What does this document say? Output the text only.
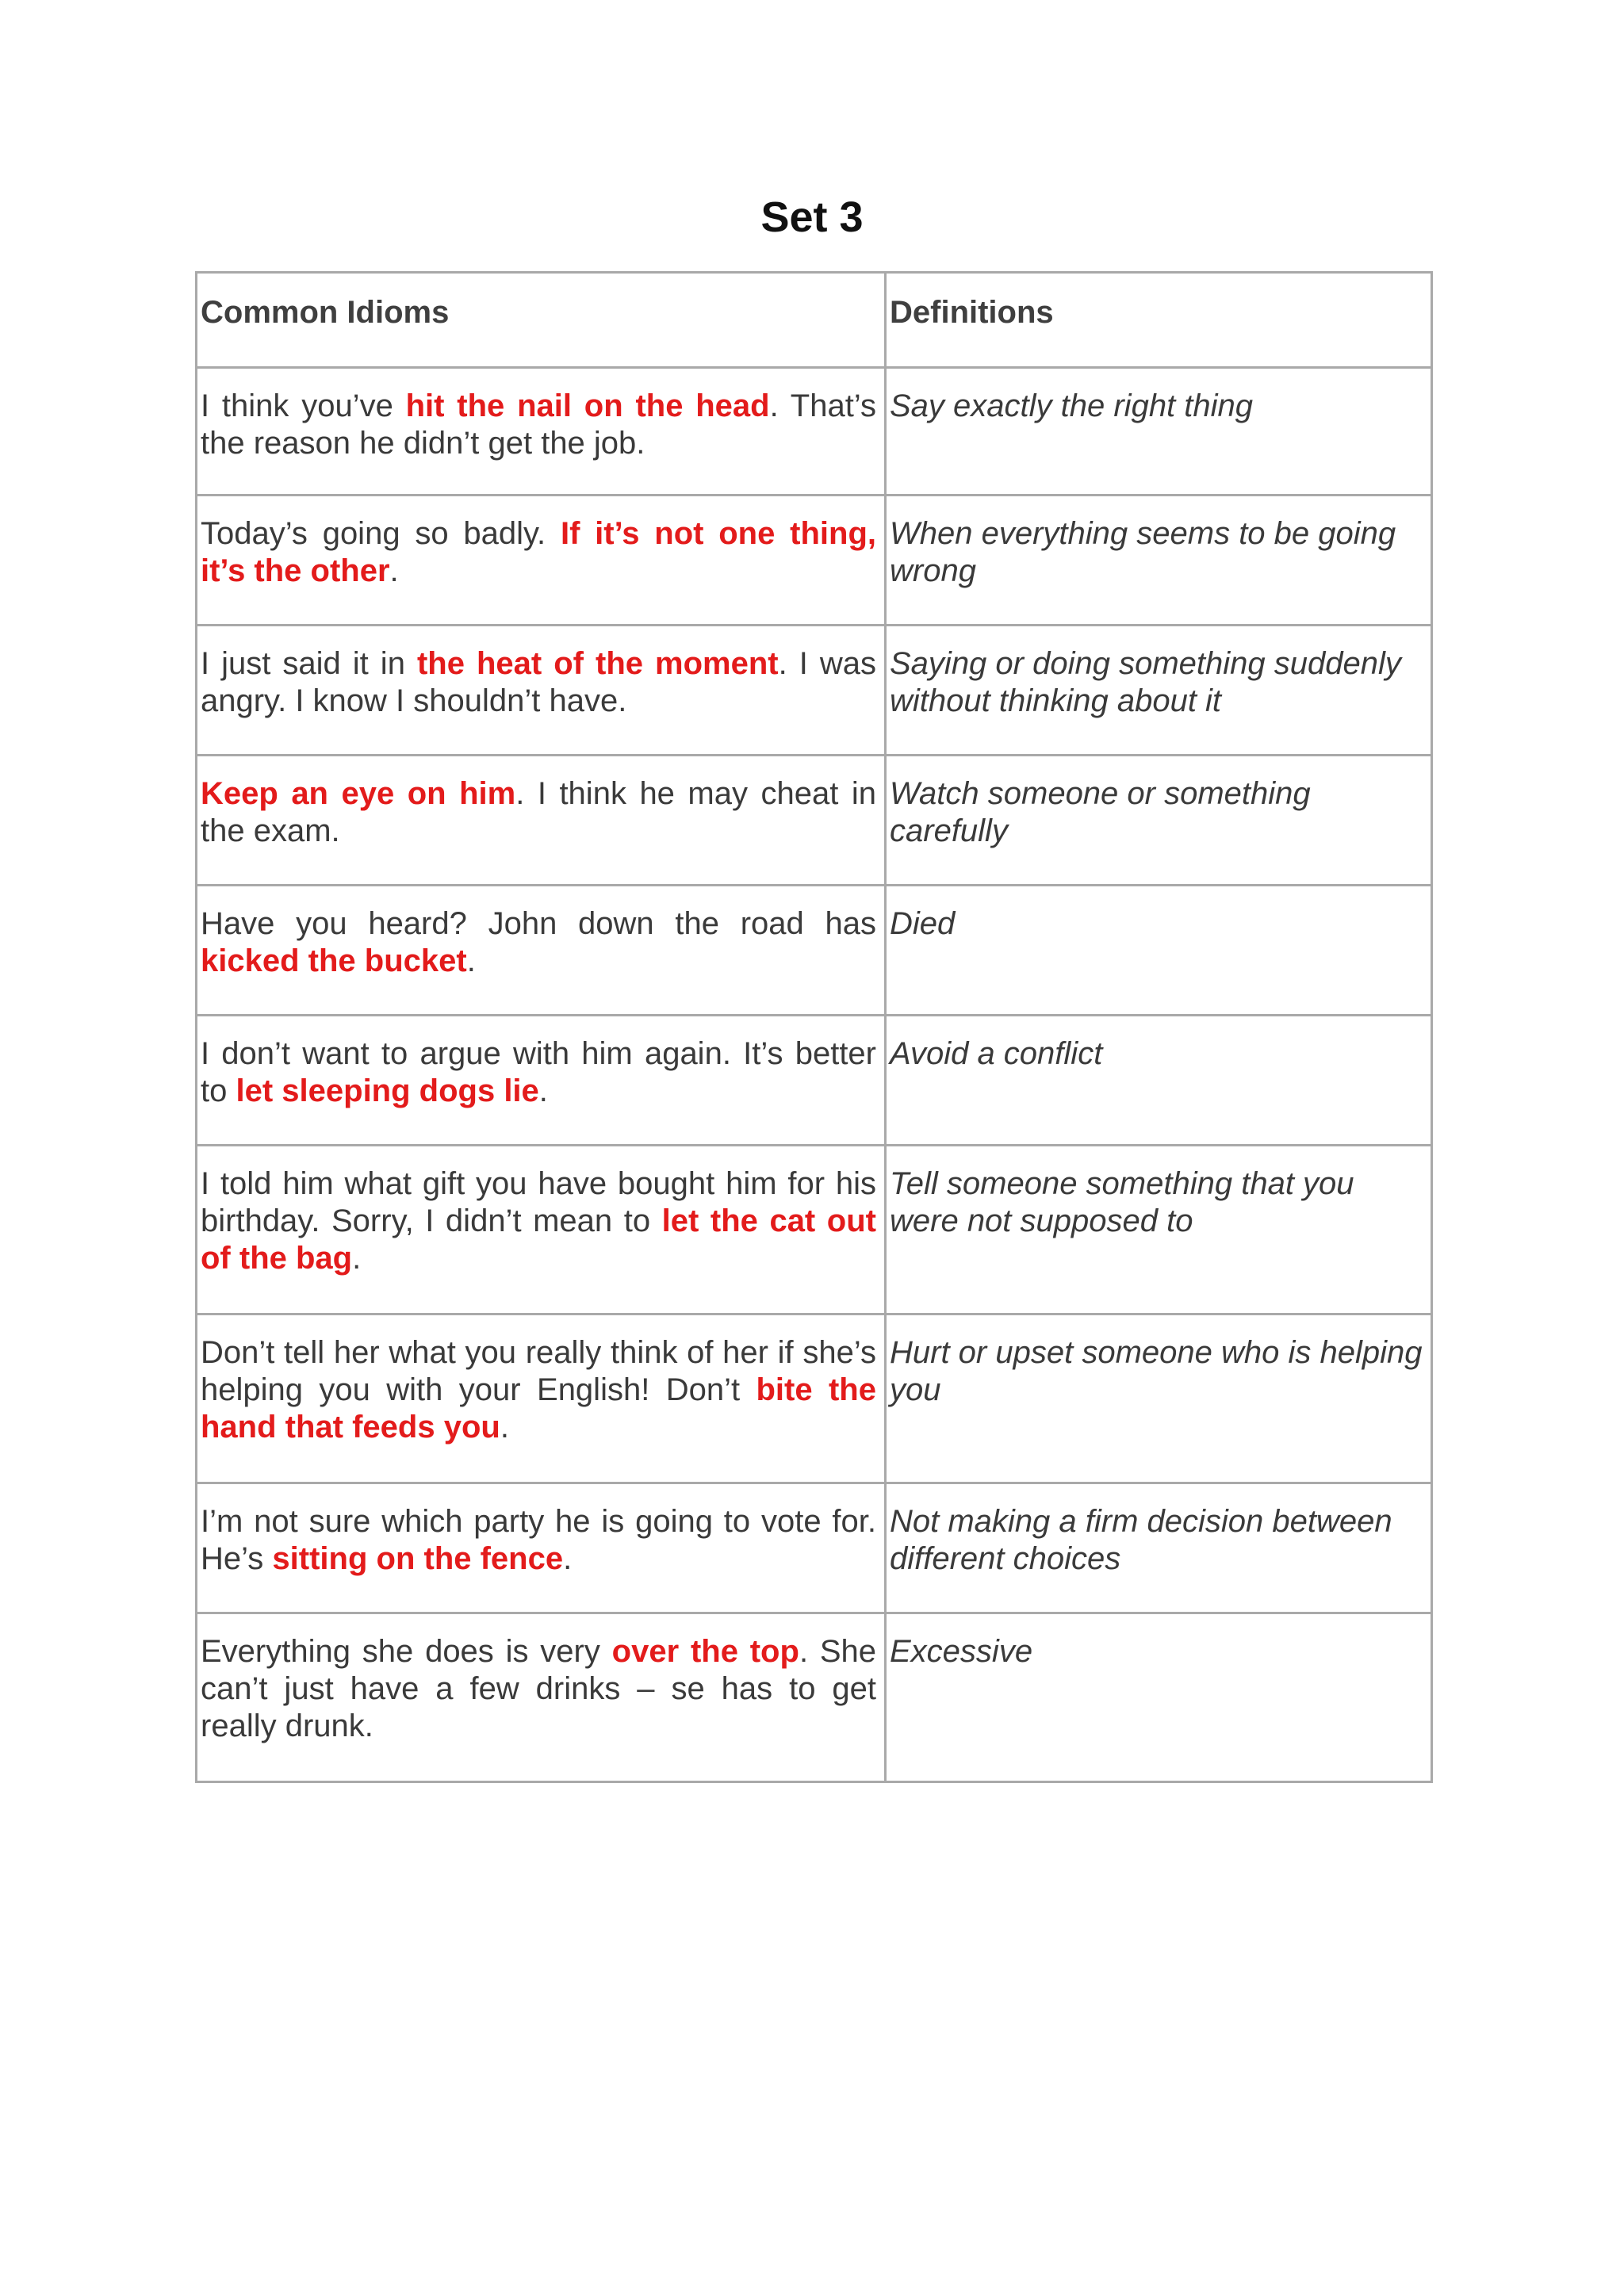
Set 3
Common Idioms	Definitions
I think you’ve hit the nail on the head. That’s the reason he didn’t get the job.	Say exactly the right thing
Today’s going so badly. If it’s not one thing, it’s the other.	When everything seems to be going wrong
I just said it in the heat of the moment. I was angry. I know I shouldn’t have.	Saying or doing something suddenly without thinking about it
Keep an eye on him. I think he may cheat in the exam.	Watch someone or something carefully
Have you heard? John down the road has kicked the bucket.	Died
I don’t want to argue with him again. It’s better to let sleeping dogs lie.	Avoid a conflict
I told him what gift you have bought him for his birthday. Sorry, I didn’t mean to let the cat out of the bag.	Tell someone something that you were not supposed to
Don’t tell her what you really think of her if she’s helping you with your English! Don’t bite the hand that feeds you.	Hurt or upset someone who is helping you
I’m not sure which party he is going to vote for. He’s sitting on the fence.	Not making a firm decision between different choices
Everything she does is very over the top. She can’t just have a few drinks – se has to get really drunk.	Excessive
